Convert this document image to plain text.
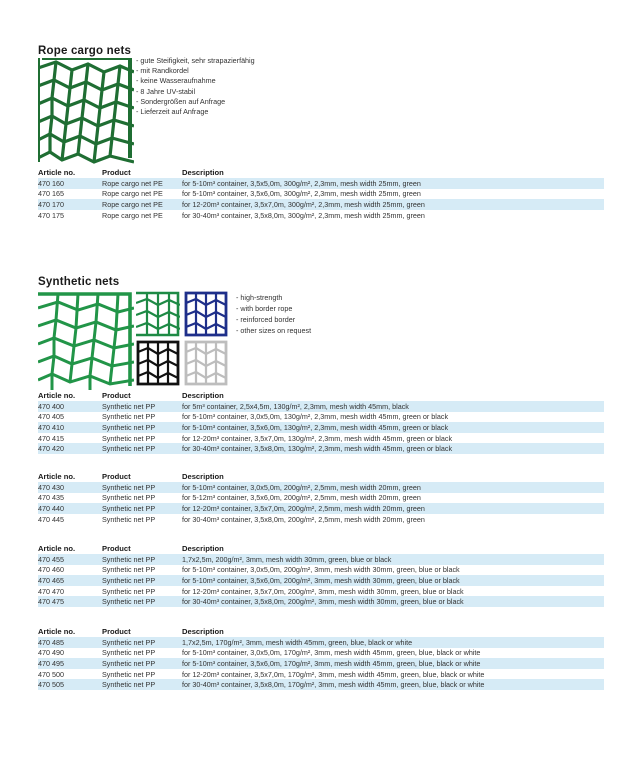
Rope cargo nets
- gute Steifigkeit, sehr strapazierfähig
- mit Randkordel
- keine Wasseraufnahme
- 8 Jahre UV-stabil
- Sondergrößen auf Anfrage
- Lieferzeit auf Anfrage
Article no.	Product	Description
470 160	Rope cargo net PE	for 5-10m³ container, 3,5x5,0m, 300g/m², 2,3mm, mesh width 25mm, green
470 165	Rope cargo net PE	for 5-10m³ container, 3,5x6,0m, 300g/m², 2,3mm, mesh width 25mm, green
470 170	Rope cargo net PE	for 12-20m³ container, 3,5x7,0m, 300g/m², 2,3mm, mesh width 25mm, green
470 175	Rope cargo net PE	for 30-40m³ container, 3,5x8,0m, 300g/m², 2,3mm, mesh width 25mm, green
Synthetic nets
- high-strength
- with border rope
- reinforced border
- other sizes on request
Article no.	Product	Description
470 400	Synthetic net PP	for 5m³ container, 2,5x4,5m, 130g/m², 2,3mm, mesh width 45mm, black
470 405	Synthetic net PP	for 5-10m³ container, 3,0x5,0m, 130g/m², 2,3mm, mesh width 45mm, green or black
470 410	Synthetic net PP	for 5-10m³ container, 3,5x6,0m, 130g/m², 2,3mm, mesh width 45mm, green or black
470 415	Synthetic net PP	for 12-20m³ container, 3,5x7,0m, 130g/m², 2,3mm, mesh width 45mm, green or black
470 420	Synthetic net PP	for 30-40m³ container, 3,5x8,0m, 130g/m², 2,3mm, mesh width 45mm, green or black
Article no.	Product	Description
470 430	Synthetic net PP	for 5-10m³ container, 3,0x5,0m, 200g/m², 2,5mm, mesh width 20mm, green
470 435	Synthetic net PP	for 5-12m³ container, 3,5x6,0m, 200g/m², 2,5mm, mesh width 20mm, green
470 440	Synthetic net PP	for 12-20m³ container, 3,5x7,0m, 200g/m², 2,5mm, mesh width 20mm, green
470 445	Synthetic net PP	for 30-40m³ container, 3,5x8,0m, 200g/m², 2,5mm, mesh width 20mm, green
Article no.	Product	Description
470 455	Synthetic net PP	1,7x2,5m, 200g/m², 3mm, mesh width 30mm, green, blue or black
470 460	Synthetic net PP	for 5-10m³ container, 3,0x5,0m, 200g/m², 3mm, mesh width 30mm, green, blue or black
470 465	Synthetic net PP	for 5-10m³ container, 3,5x6,0m, 200g/m², 3mm, mesh width 30mm, green, blue or black
470 470	Synthetic net PP	for 12-20m³ container, 3,5x7,0m, 200g/m², 3mm, mesh width 30mm, green, blue or black
470 475	Synthetic net PP	for 30-40m³ container, 3,5x8,0m, 200g/m², 3mm, mesh width 30mm, green, blue or black
Article no.	Product	Description
470 485	Synthetic net PP	1,7x2,5m, 170g/m², 3mm, mesh width 45mm, green, blue, black or white
470 490	Synthetic net PP	for 5-10m³ container, 3,0x5,0m, 170g/m², 3mm, mesh width 45mm, green, blue, black or white
470 495	Synthetic net PP	for 5-10m³ container, 3,5x6,0m, 170g/m², 3mm, mesh width 45mm, green, blue, black or white
470 500	Synthetic net PP	for 12-20m³ container, 3,5x7,0m, 170g/m², 3mm, mesh width 45mm, green, blue, black or white
470 505	Synthetic net PP	for 30-40m³ container, 3,5x8,0m, 170g/m², 3mm, mesh width 45mm, green, blue, black or white
